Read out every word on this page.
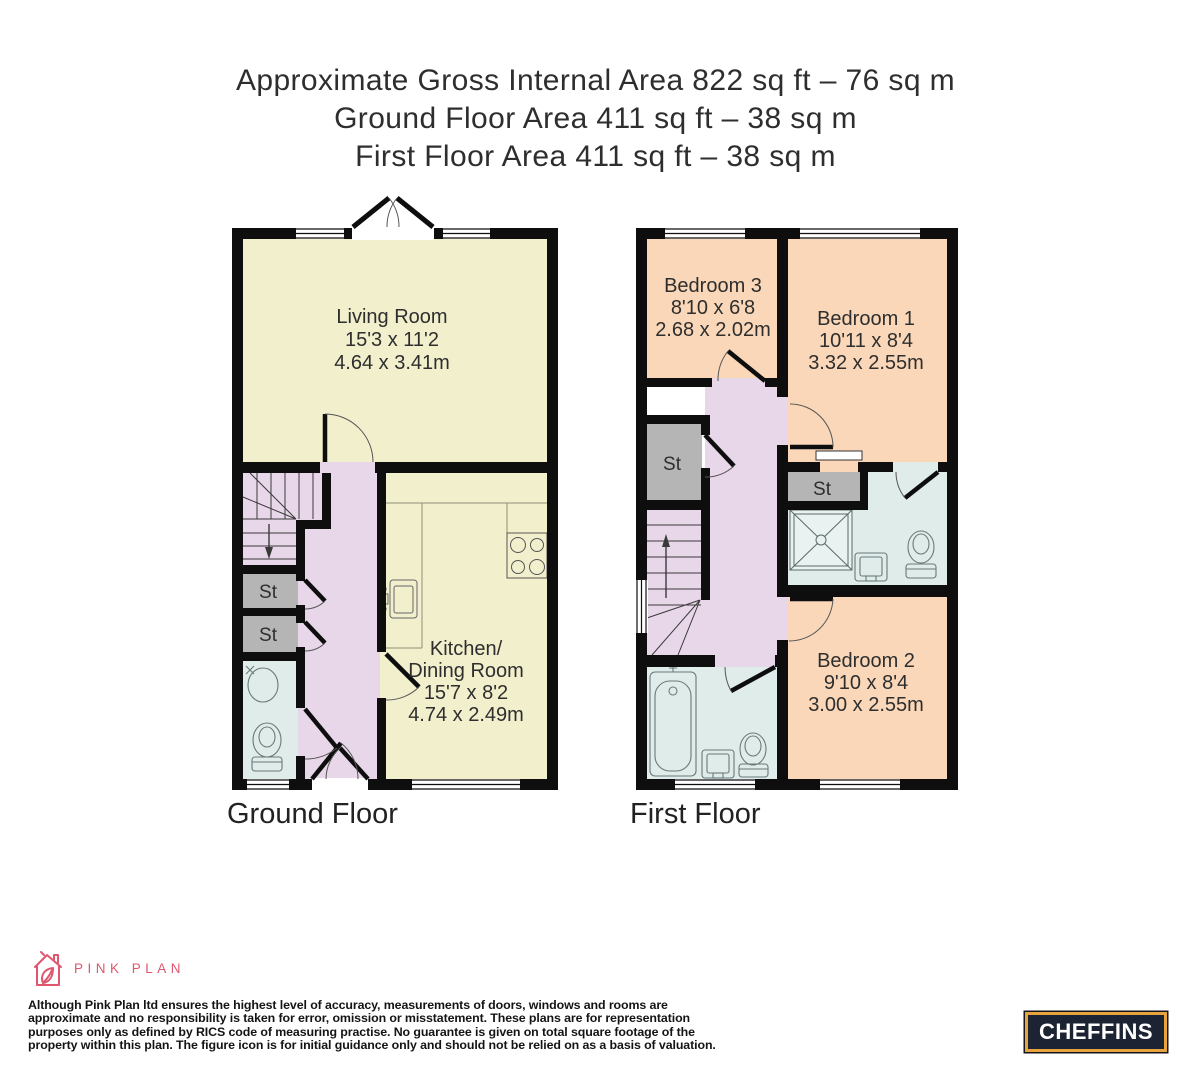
Approximate Gross Internal Area 822 sq ft – 76 sq m
Ground Floor Area 411 sq ft – 38 sq m
First Floor Area 411 sq ft – 38 sq m
Living Room
15'3 x 11'2
4.64 x 3.41m
Kitchen/
Dining Room
15'7 x 8'2
4.74 x 2.49m
St
St
Bedroom 3
8'10 x 6'8
2.68 x 2.02m Bedroom 1
10'11 x 8'4
3.32 x 2.55m
Bedroom 2
9'10 x 8'4
3.00 x 2.55m
St
St
Ground Floor	First Floor
PINK PLAN
Although Pink Plan ltd ensures the highest level of accuracy, measurements of doors, windows and rooms are
approximate and no responsibility is taken for error, omission or misstatement. These plans are for representation
purposes only as defined by RICS code of measuring practise. No guarantee is given on total square footage of the
property within this plan. The figure icon is for initial guidance only and should not be relied on as a basis of valuation.
CHEFFINS
